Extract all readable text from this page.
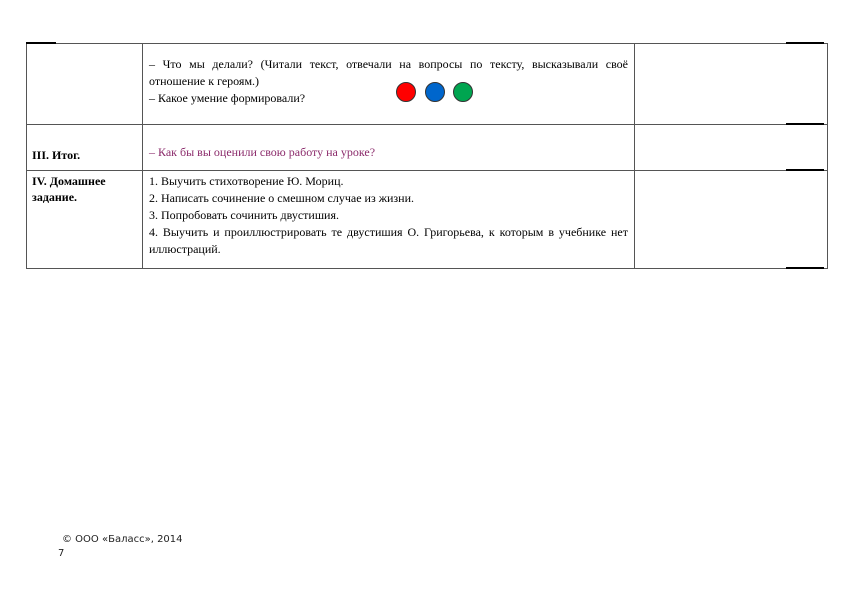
	– Что мы делали? (Читали текст, отвечали на вопросы по тексту, высказывали своё отношение к героям.)
– Какое умение формировали?	

III. Итог.	– Как бы вы оценили свою работу на уроке?	

IV. Домашнее задание.	1. Выучить стихотворение Ю. Мориц.
2. Написать сочинение о смешном случае из жизни.
3. Попробовать сочинить двустишия.
4. Выучить и проиллюстрировать те двустишия О. Григорьева, к которым в учебнике нет иллюстраций.	

© ООО «Баласс», 2014
7
